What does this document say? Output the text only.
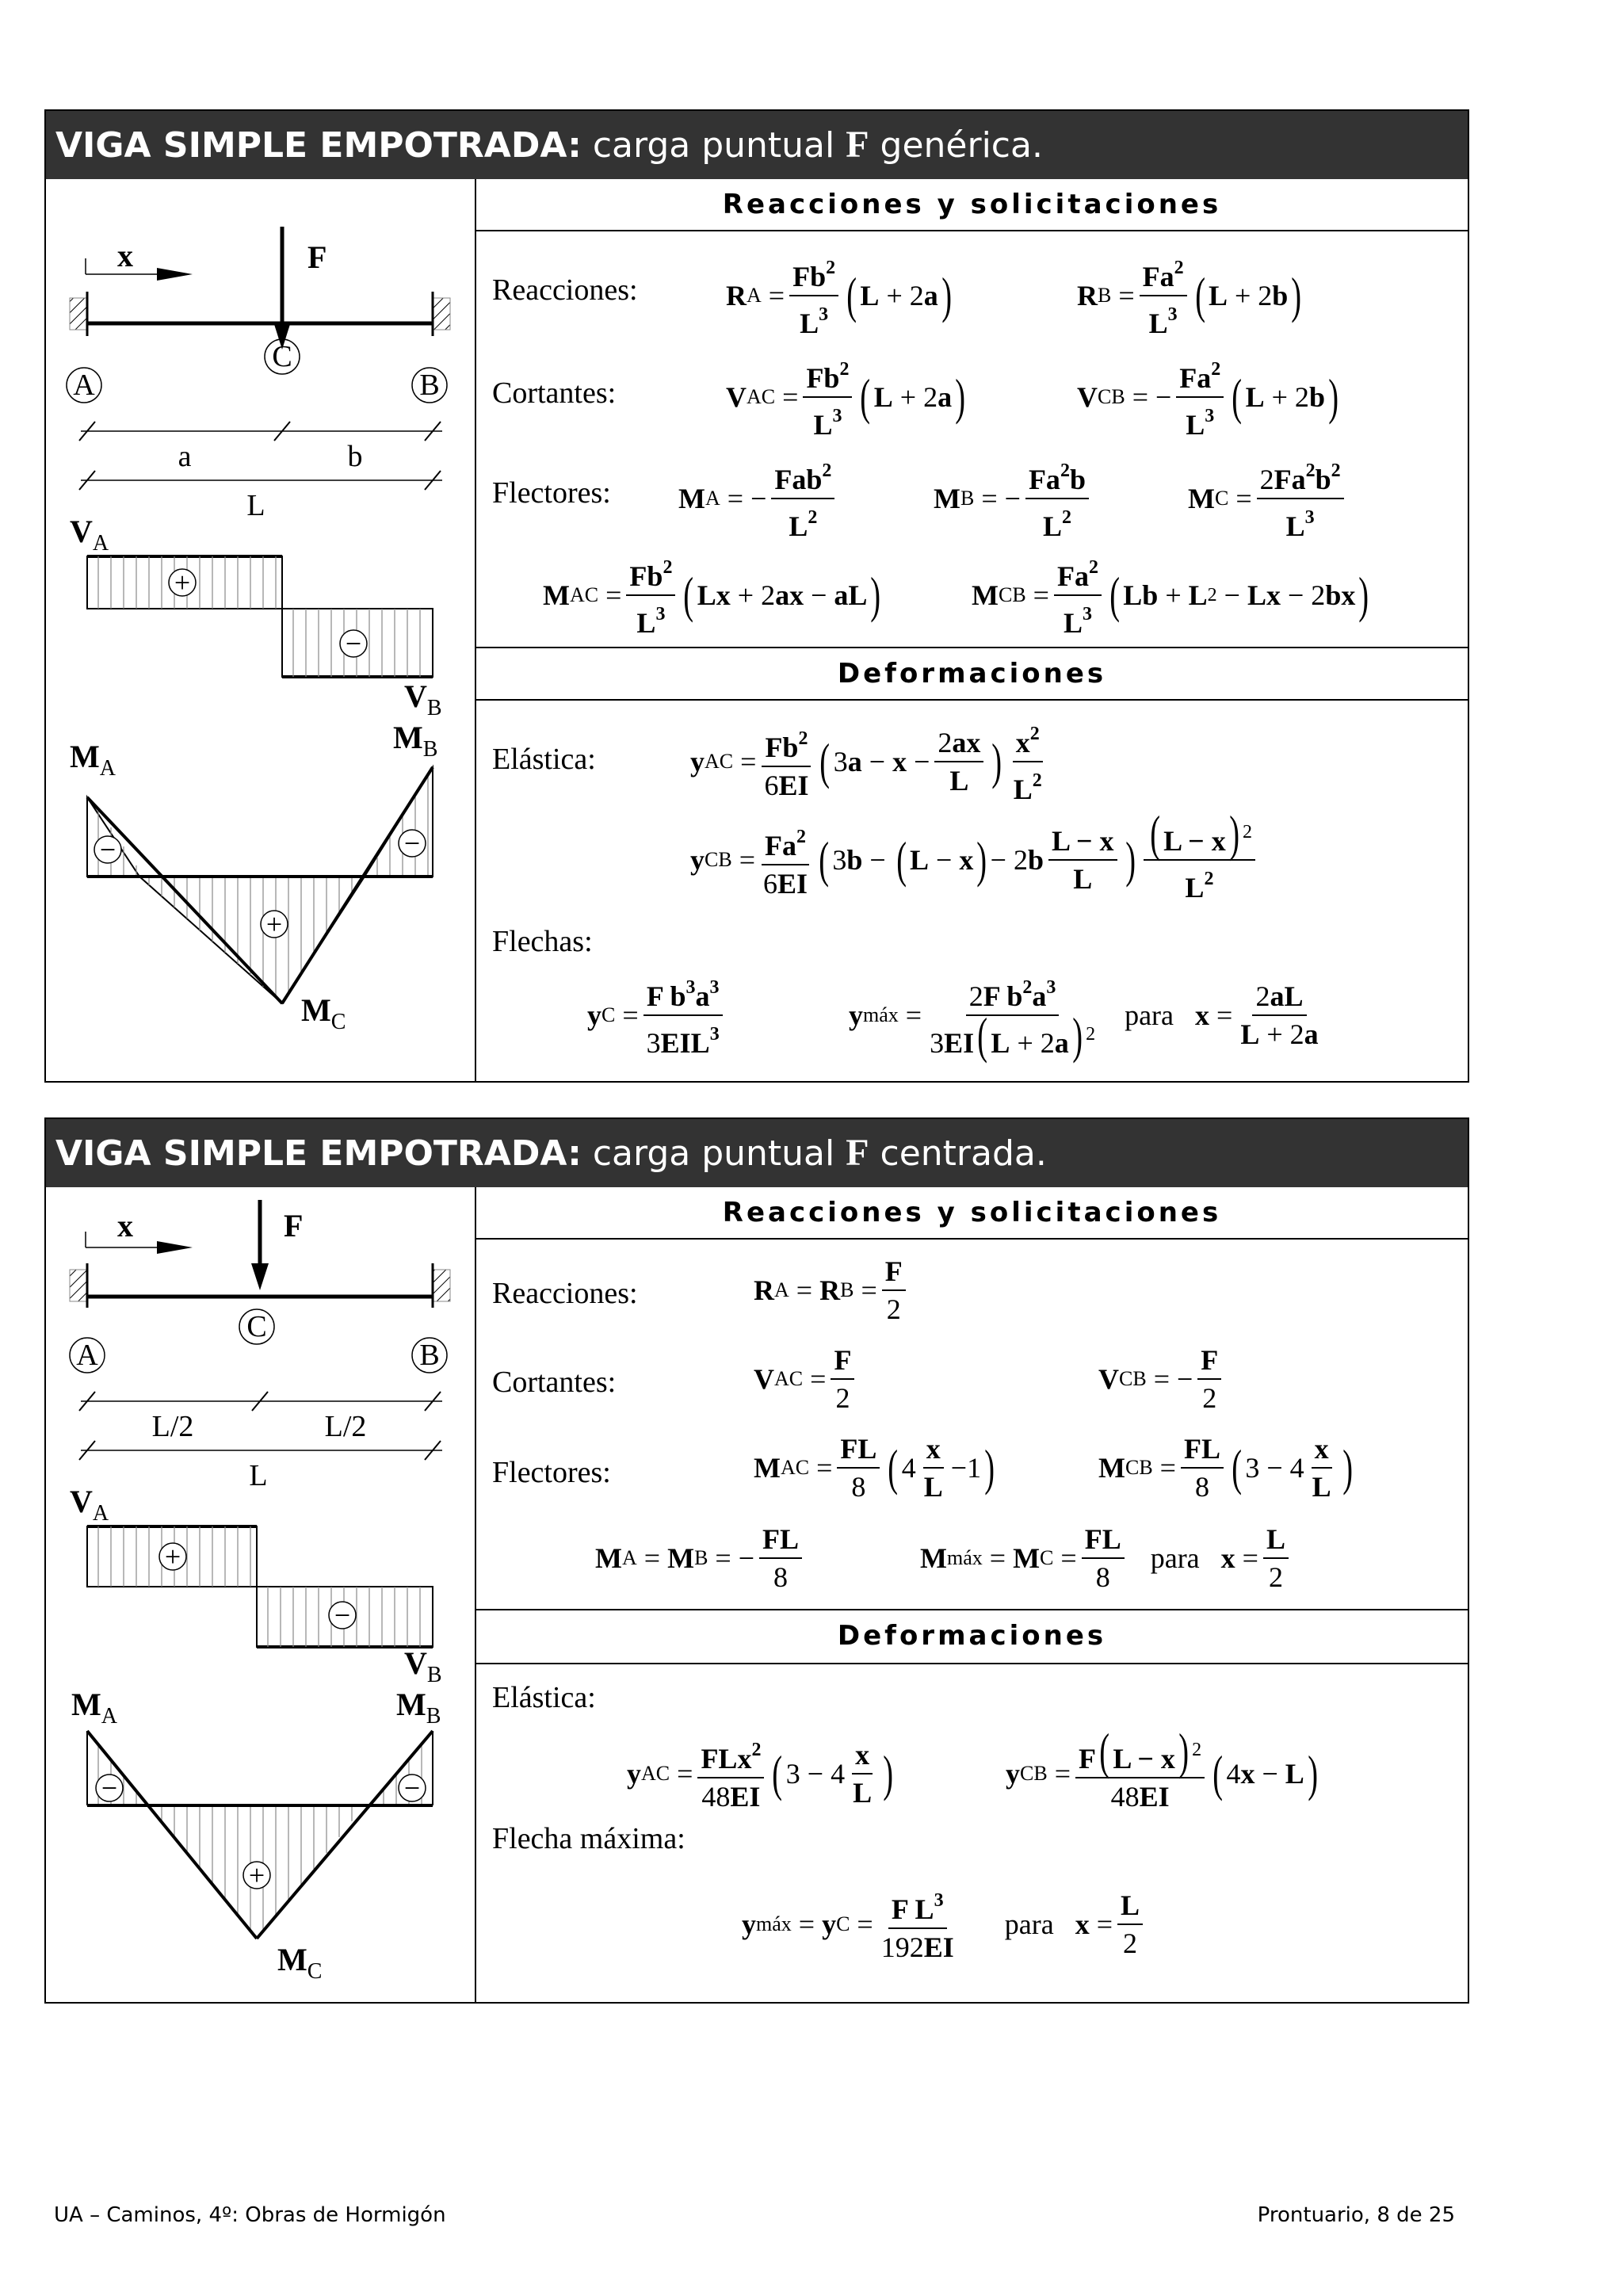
VIGA SIMPLE EMPOTRADA: carga puntual F genérica.
x	F
A
C
B
a	b
L
$V_A$
+
−
$V_B$
$M_B$
$M_A$
−	−
+
$M_C$
Reacciones y solicitaciones
Reacciones:	R A =
$Fb^2$
$L^3$ ( L + 2 a )	R B =
$Fa^2$
$L^3$ ( L + 2 b )
Cortantes:	V AC =
$Fb^2$
$L^3$ ( L + 2 a )	V CB = −
$Fa^2$
$L^3$ ( L + 2 b )
Flectores: M A = −
Fab$^2$
$L^2$
M B = −
$Fa^2b$
$L^2$
M C =
$2Fa^2b^2$
$L^3$
M AC =
$Fb^2$
$L^3$ ( Lx + 2 ax − aL )	M CB =
$Fa^2$
$L^3$ ( Lb + L 2 − Lx − 2 bx )
Deformaciones
Elástica:	y AC = $Fb^2$
6EI ( 3 a − x −
2ax
L ) $x^2$
$L^2$
y CB = $Fa^2$
6EI ( 3 b − ( L − x ) − 2 b
L − x
L ) ( L − x) $^2$
$L^2$
Flechas:
y C =
F $b^3a^3$
3EIL$^3$
y máx =
2F $b^2a^3$
3EI( L + 2a) $^2$

para
x =
2aL
L + 2a
VIGA SIMPLE EMPOTRADA: carga puntual F centrada.
x	F
A
C
B
L/2	L/2
L
$V_A$
+
−
$V_B$
$M_A$	$M_B$
−	−
+
$M_C$
Reacciones y solicitaciones
Reacciones:	R A = R B =
F
2
Cortantes:	V AC =
F
2
V CB = −
F
2
Flectores:	M AC =
FL
8 ( 4
x
L
−1 )	M CB =
FL
8 ( 3 − 4
x
L )
M A = M B = −
FL
8
M máx = M C =
FL
8

para
x =
L
2
Deformaciones
Elástica:
y AC = FLx$^2$
48EI ( 3 − 4
x
L )	y CB = F( L − x) $^2$
48EI ( 4 x − L )
Flecha máxima:
y máx = y C = F $L^3$
192EI

para
x =
L
2
UA – Caminos, 4º: Obras de Hormigón	Prontuario, 8 de 25
